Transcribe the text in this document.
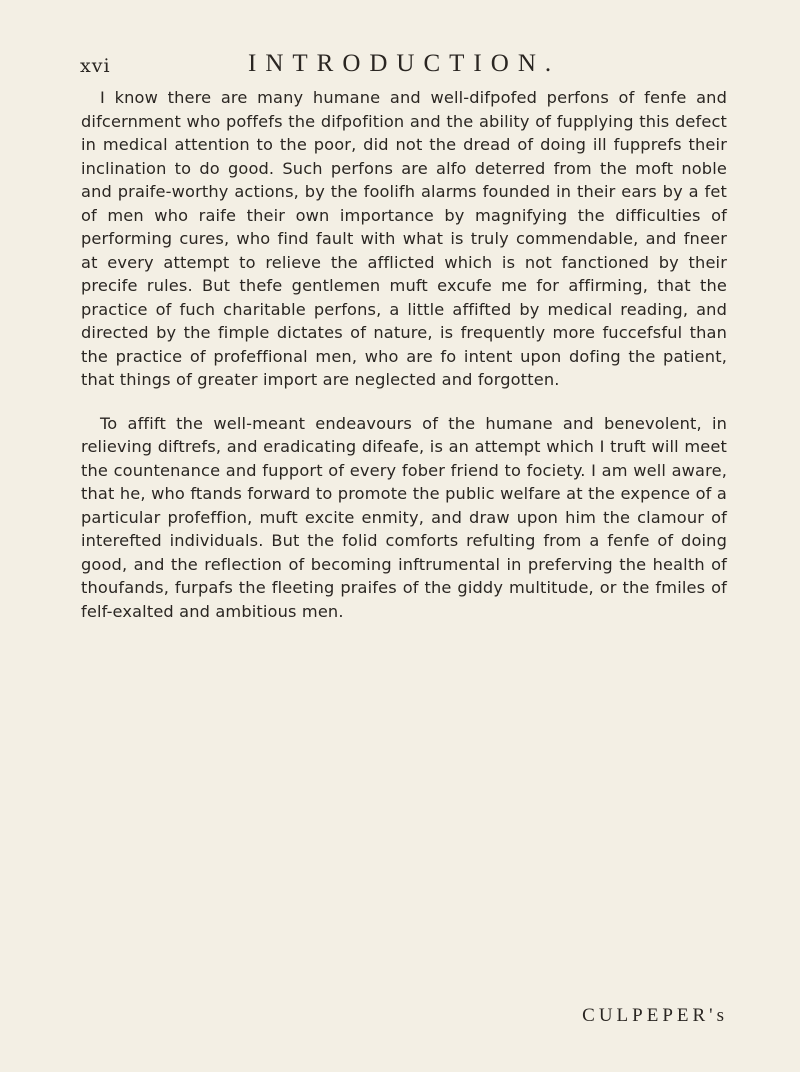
xvi	INTRODUCTION.

I know there are many humane and well-difpofed perfons of fenfe and difcernment who poffefs the difpofition and the ability of fupplying this defect in medical attention to the poor, did not the dread of doing ill fupprefs their inclination to do good. Such perfons are alfo deterred from the moft noble and praife-worthy actions, by the foolifh alarms founded in their ears by a fet of men who raife their own importance by magnifying the difficulties of performing cures, who find fault with what is truly commendable, and fneer at every attempt to relieve the afflicted which is not fanctioned by their precife rules. But thefe gentlemen muft excufe me for affirming, that the practice of fuch charitable perfons, a little affifted by medical reading, and directed by the fimple dictates of nature, is frequently more fuccefsful than the practice of profeffional men, who are fo intent upon dofing the patient, that things of greater import are neglected and forgotten.

To affift the well-meant endeavours of the humane and benevolent, in relieving diftrefs, and eradicating difeafe, is an attempt which I truft will meet the countenance and fupport of every fober friend to fociety. I am well aware, that he, who ftands forward to promote the public welfare at the expence of a particular profeffion, muft excite enmity, and draw upon him the clamour of interefted individuals. But the folid comforts refulting from a fenfe of doing good, and the reflection of becoming inftrumental in preferving the health of thoufands, furpafs the fleeting praifes of the giddy multitude, or the fmiles of felf-exalted and ambitious men.

CULPEPER's
